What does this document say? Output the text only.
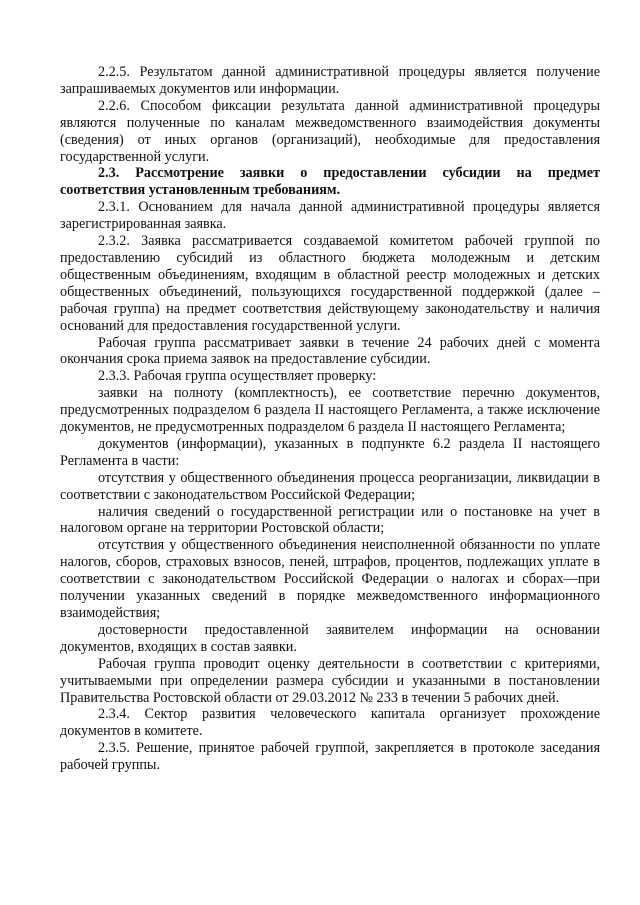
2.2.5. Результатом данной административной процедуры является получение запрашиваемых документов или информации.

2.2.6. Способом фиксации результата данной административной процедуры являются полученные по каналам межведомственного взаимодействия документы (сведения) от иных органов (организаций), необходимые для предоставления государственной услуги.

2.3. Рассмотрение заявки о предоставлении субсидии на предмет соответствия установленным требованиям.

2.3.1. Основанием для начала данной административной процедуры является зарегистрированная заявка.

2.3.2. Заявка рассматривается создаваемой комитетом рабочей группой по предоставлению субсидий из областного бюджета молодежным и детским общественным объединениям, входящим в областной реестр молодежных и детских общественных объединений, пользующихся государственной поддержкой (далее – рабочая группа) на предмет соответствия действующему законодательству и наличия оснований для предоставления государственной услуги.

Рабочая группа рассматривает заявки в течение 24 рабочих дней с момента окончания срока приема заявок на предоставление субсидии.

2.3.3. Рабочая группа осуществляет проверку:

заявки на полноту (комплектность), ее соответствие перечню документов, предусмотренных подразделом 6 раздела II настоящего Регламента, а также исключение документов, не предусмотренных подразделом 6 раздела II настоящего Регламента;

документов (информации), указанных в подпункте 6.2 раздела II настоящего Регламента в части:

отсутствия у общественного объединения процесса реорганизации, ликвидации в соответствии с законодательством Российской Федерации;

наличия сведений о государственной регистрации или о постановке на учет в налоговом органе на территории Ростовской области;

отсутствия у общественного объединения неисполненной обязанности по уплате налогов, сборов, страховых взносов, пеней, штрафов, процентов, подлежащих уплате в соответствии с законодательством Российской Федерации о налогах и сборах—при получении указанных сведений в порядке межведомственного информационного взаимодействия;

достоверности предоставленной заявителем информации на основании документов, входящих в состав заявки.

Рабочая группа проводит оценку деятельности в соответствии с критериями, учитываемыми при определении размера субсидии и указанными в постановлении Правительства Ростовской области от 29.03.2012 № 233 в течении 5 рабочих дней.

2.3.4. Сектор развития человеческого капитала организует прохождение документов в комитете.

2.3.5. Решение, принятое рабочей группой, закрепляется в протоколе заседания рабочей группы.
